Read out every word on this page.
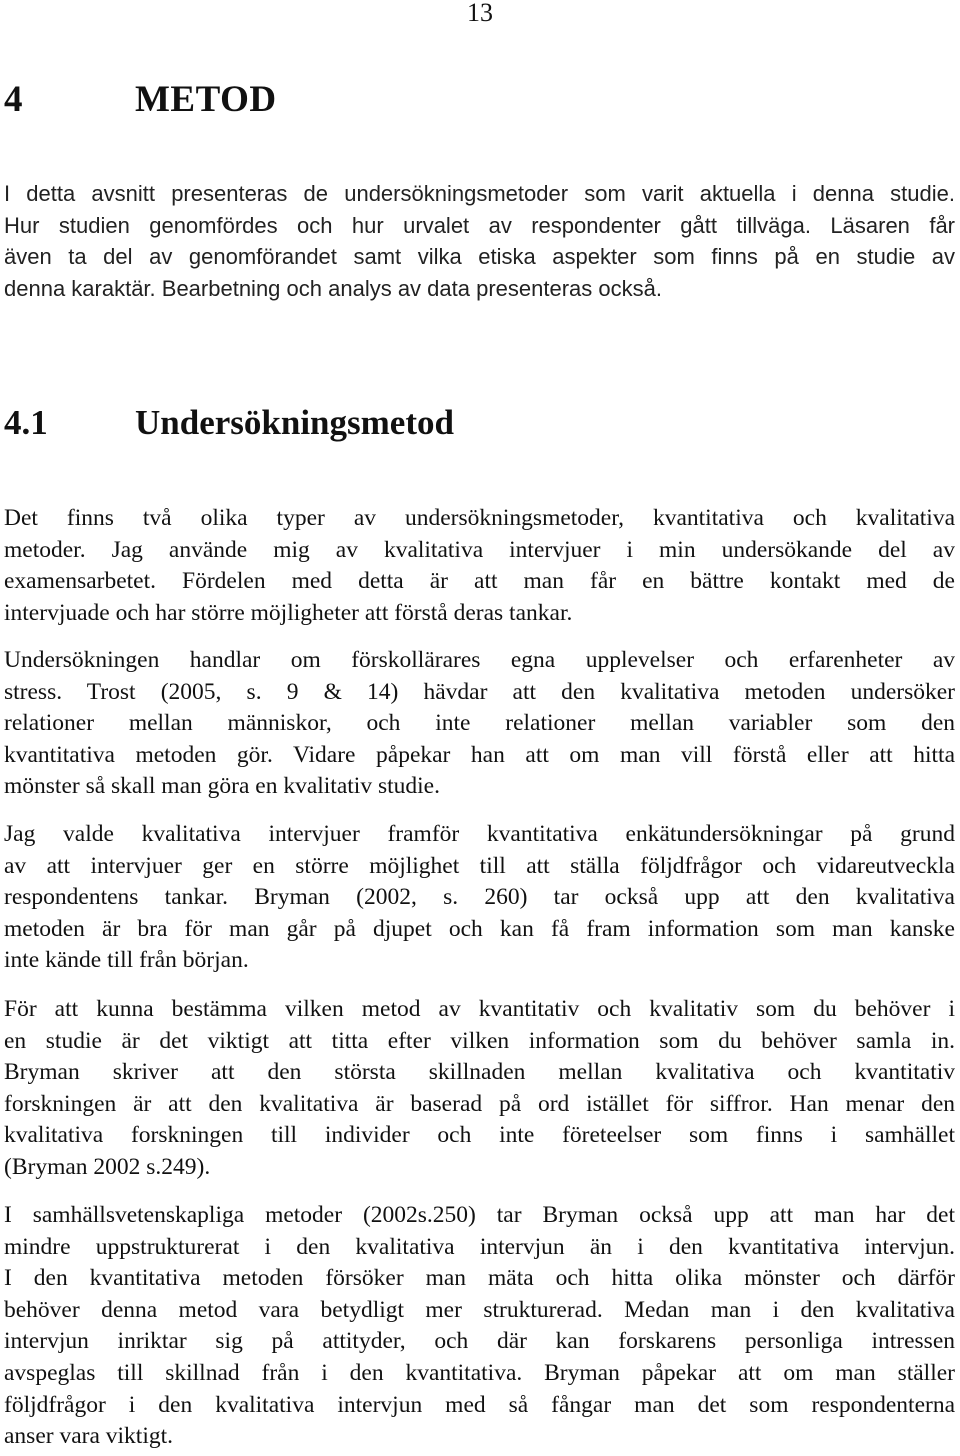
13
4	METOD

I detta avsnitt presenteras de undersökningsmetoder som varit aktuella i denna studie.
Hur studien genomfördes och hur urvalet av respondenter gått tillväga. Läsaren får
även ta del av genomförandet samt vilka etiska aspekter som finns på en studie av
denna karaktär. Bearbetning och analys av data presenteras också.

4.1 Undersökningsmetod

Det finns två olika typer av undersökningsmetoder, kvantitativa och kvalitativa
metoder. Jag använde mig av kvalitativa intervjuer i min undersökande del av
examensarbetet. Fördelen med detta är att man får en bättre kontakt med de
intervjuade och har större möjligheter att förstå deras tankar.

Undersökningen handlar om förskollärares egna upplevelser och erfarenheter av
stress. Trost (2005, s. 9 & 14) hävdar att den kvalitativa metoden undersöker
relationer mellan människor, och inte relationer mellan variabler som den
kvantitativa metoden gör. Vidare påpekar han att om man vill förstå eller att hitta
mönster så skall man göra en kvalitativ studie.

Jag valde kvalitativa intervjuer framför kvantitativa enkätundersökningar på grund
av att intervjuer ger en större möjlighet till att ställa följdfrågor och vidareutveckla
respondentens tankar. Bryman (2002, s. 260) tar också upp att den kvalitativa
metoden är bra för man går på djupet och kan få fram information som man kanske
inte kände till från början.

För att kunna bestämma vilken metod av kvantitativ och kvalitativ som du behöver i
en studie är det viktigt att titta efter vilken information som du behöver samla in.
Bryman skriver att den största skillnaden mellan kvalitativa och kvantitativ
forskningen är att den kvalitativa är baserad på ord istället för siffror. Han menar den
kvalitativa forskningen till individer och inte företeelser som finns i samhället
(Bryman 2002 s.249).

I samhällsvetenskapliga metoder (2002s.250) tar Bryman också upp att man har det
mindre uppstrukturerat i den kvalitativa intervjun än i den kvantitativa intervjun.
I den kvantitativa metoden försöker man mäta och hitta olika mönster och därför
behöver denna metod vara betydligt mer strukturerad. Medan man i den kvalitativa
intervjun inriktar sig på attityder, och där kan forskarens personliga intressen
avspeglas till skillnad från i den kvantitativa. Bryman påpekar att om man ställer
följdfrågor i den kvalitativa intervjun med så fångar man det som respondenterna
anser vara viktigt.
